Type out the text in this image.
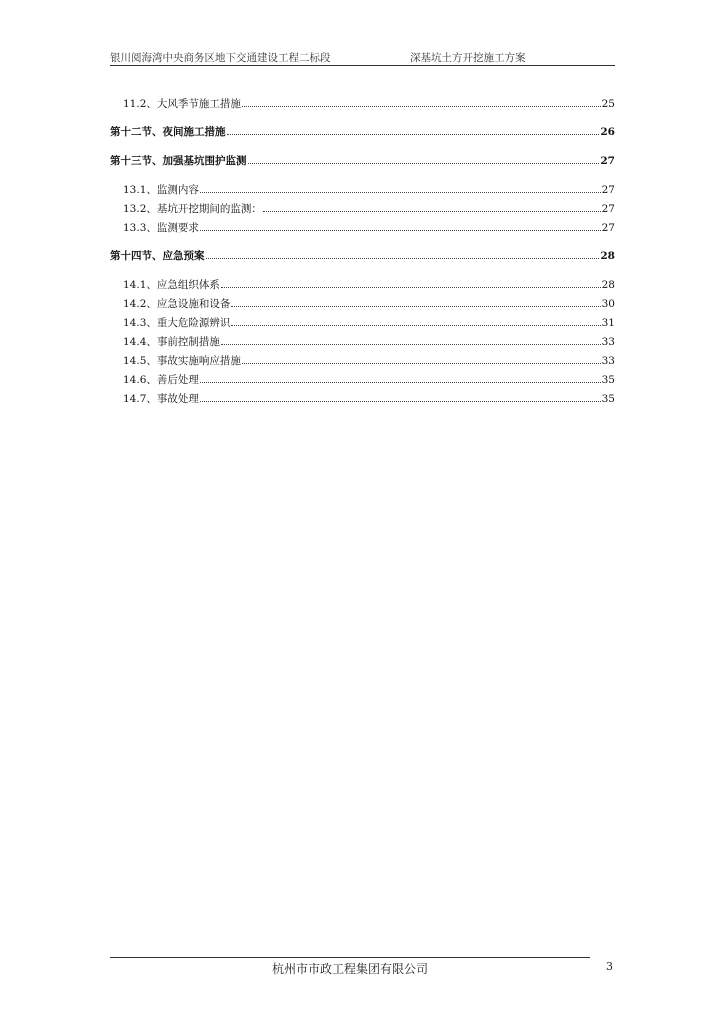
银川阅海湾中央商务区地下交通建设工程二标段	深基坑土方开挖施工方案
11.2、大风季节施工措施	25
第十二节、夜间施工措施	26
第十三节、加强基坑围护监测	27
13.1、监测内容	27
13.2、基坑开挖期间的监测：	27
13.3、监测要求	27
第十四节、应急预案	28
14.1、应急组织体系	28
14.2、应急设施和设备	30
14.3、重大危险源辨识	31
14.4、事前控制措施	33
14.5、事故实施响应措施	33
14.6、善后处理	35
14.7、事故处理	35
杭州市市政工程集团有限公司	3
